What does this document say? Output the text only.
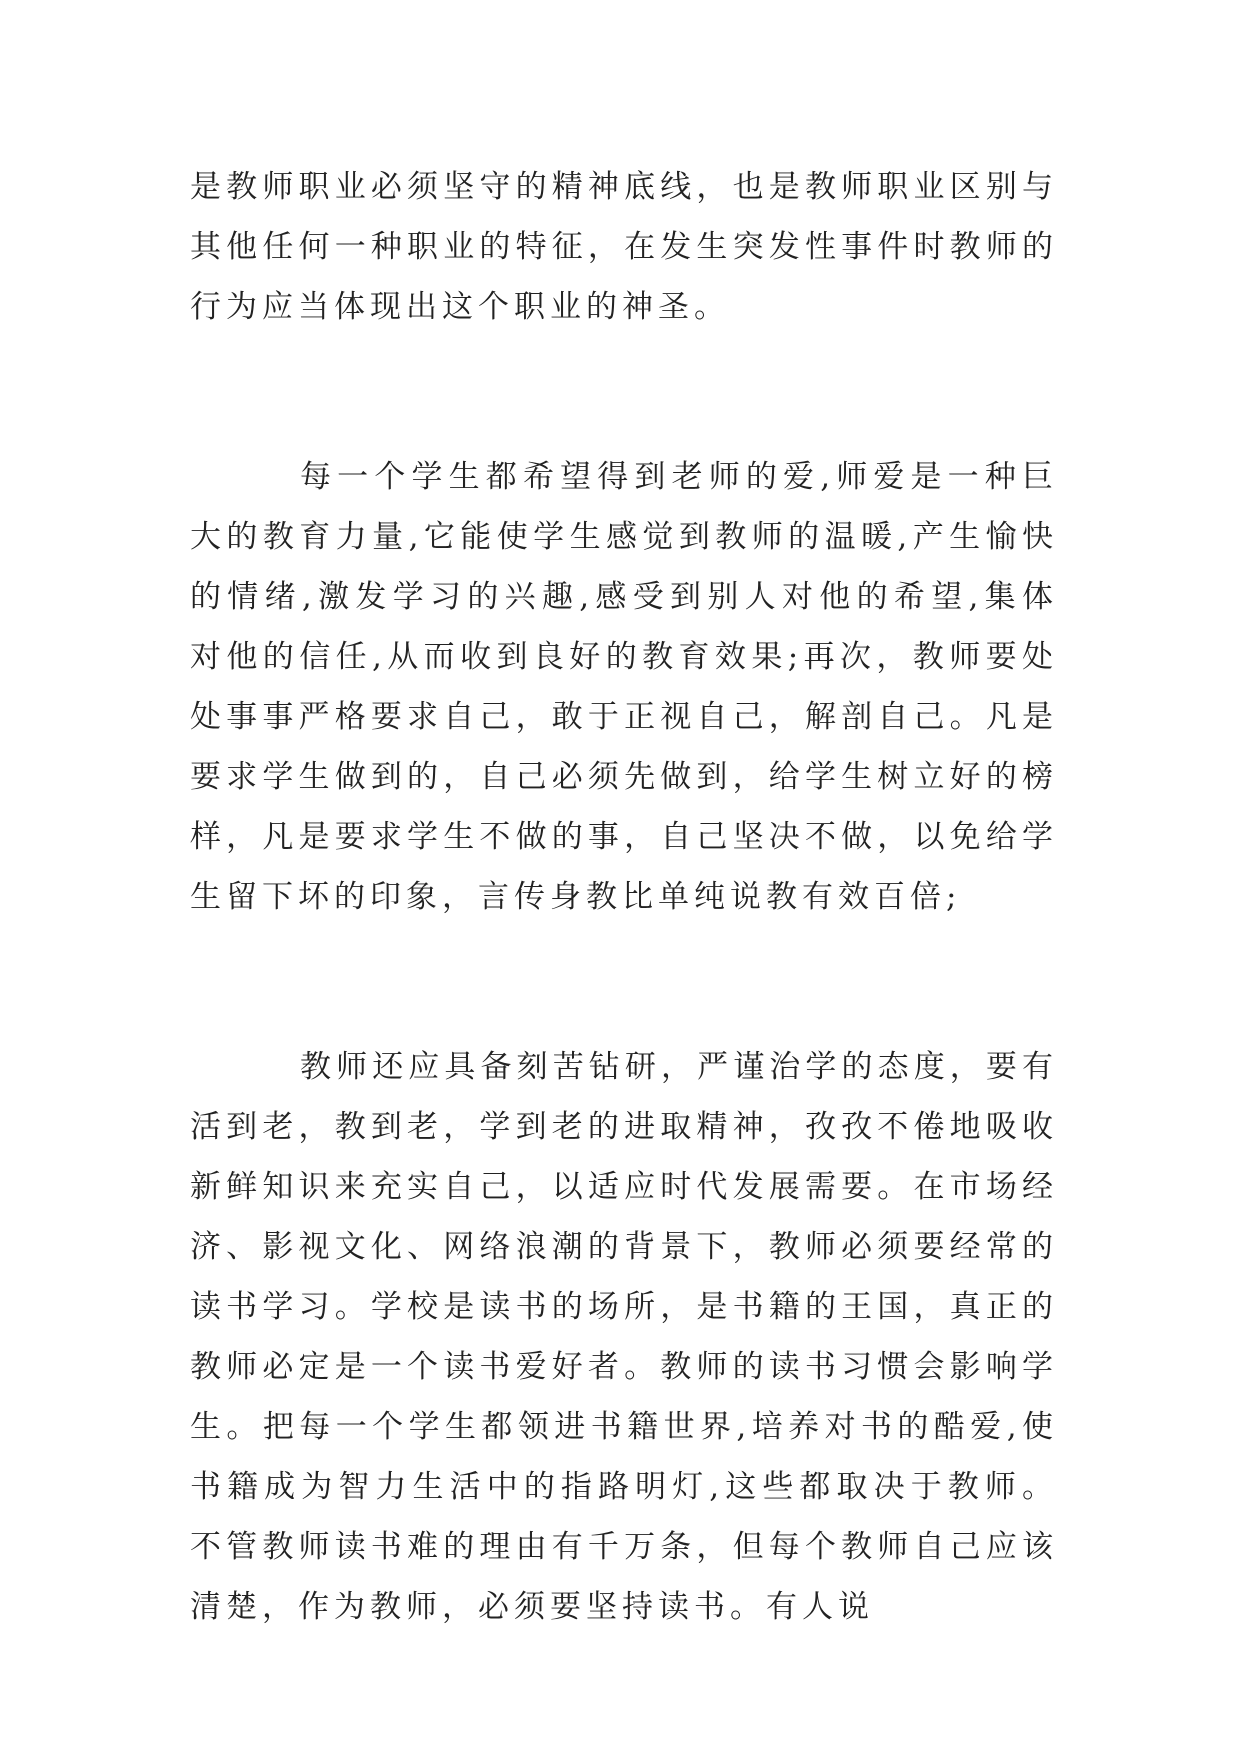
是教师职业必须坚守的精神底线，也是教师职业区别与其他任何一种职业的特征，在发生突发性事件时教师的行为应当体现出这个职业的神圣。

每一个学生都希望得到老师的爱,师爱是一种巨大的教育力量,它能使学生感觉到教师的温暖,产生愉快的情绪,激发学习的兴趣,感受到别人对他的希望,集体对他的信任,从而收到良好的教育效果;再次，教师要处处事事严格要求自己，敢于正视自己，解剖自己。凡是要求学生做到的，自己必须先做到，给学生树立好的榜样，凡是要求学生不做的事，自己坚决不做，以免给学生留下坏的印象，言传身教比单纯说教有效百倍;

教师还应具备刻苦钻研，严谨治学的态度，要有活到老，教到老，学到老的进取精神，孜孜不倦地吸收新鲜知识来充实自己，以适应时代发展需要。在市场经济、影视文化、网络浪潮的背景下，教师必须要经常的读书学习。学校是读书的场所，是书籍的王国，真正的教师必定是一个读书爱好者。教师的读书习惯会影响学生。把每一个学生都领进书籍世界,培养对书的酷爱,使书籍成为智力生活中的指路明灯,这些都取决于教师。不管教师读书难的理由有千万条，但每个教师自己应该清楚，作为教师，必须要坚持读书。有人说
